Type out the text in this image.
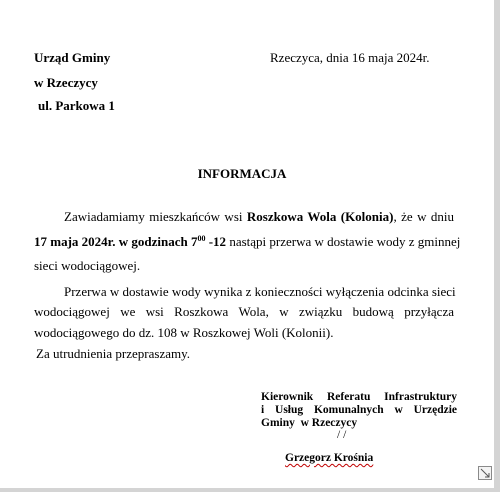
Urząd Gminy
w Rzeczycy
ul. Parkowa 1
Rzeczyca, dnia 16 maja 2024r.
INFORMACJA
Zawiadamiamy mieszkańców wsi Roszkowa Wola (Kolonia), że w dniu
17 maja 2024r. w godzinach $7^{00}$ -12 nastąpi przerwa w dostawie wody z gminnej
sieci wodociągowej.
Przerwa w dostawie wody wynika z konieczności wyłączenia odcinka sieci
wodociągowej we wsi Roszkowa Wola, w związku budową przyłącza
wodociągowego do dz. 108 w Roszkowej Woli (Kolonii).
Za utrudnienia przepraszamy.
Kierownik Referatu Infrastruktury
i Usług Komunalnych w Urzędzie
Gminy  w Rzeczycy
/ /
Grzegorz Krośnia
